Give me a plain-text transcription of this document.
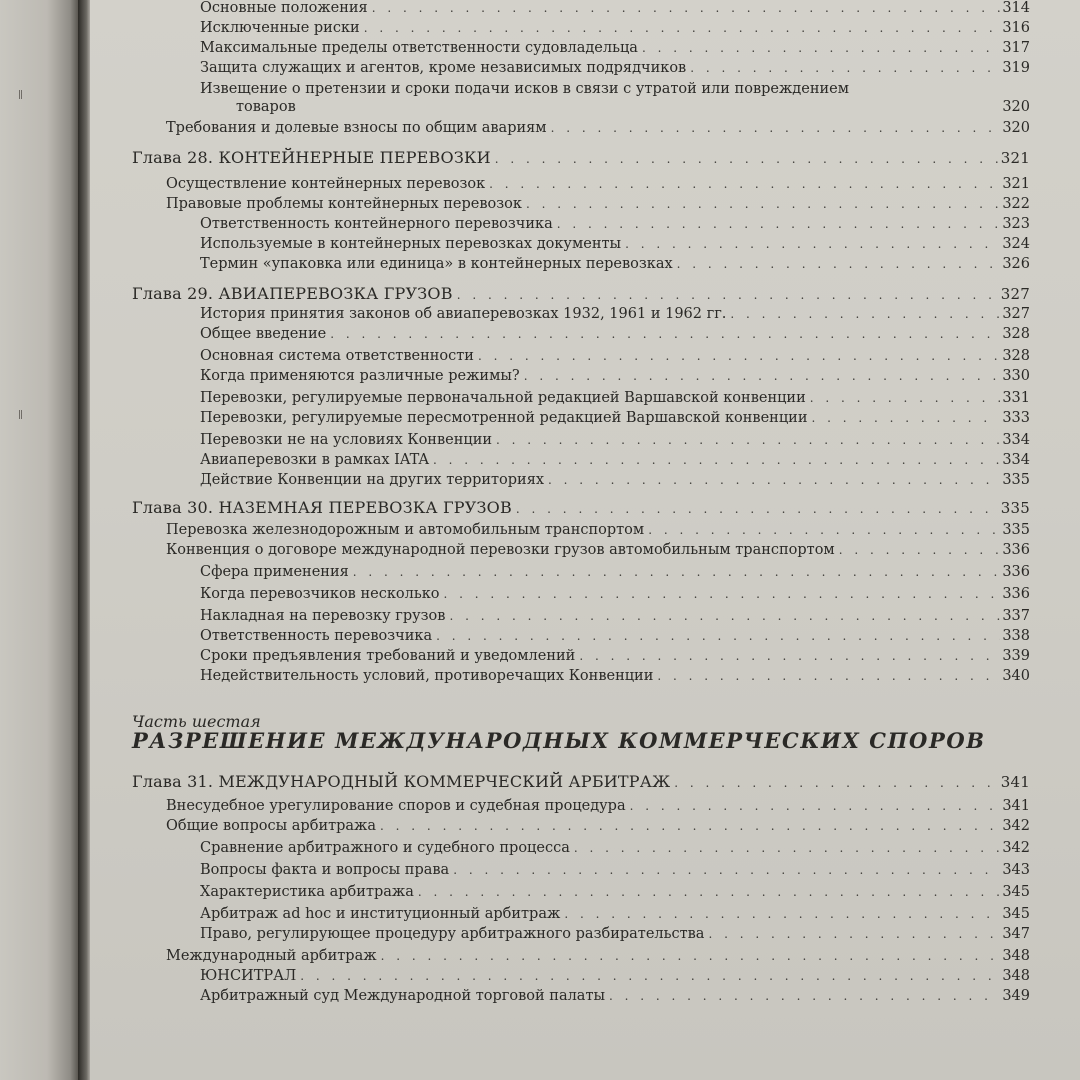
||
||
Основные положения . . .	314
Исключенные риски . . .	316
Максимальные пределы ответственности судовладельца . . .	317
Защита служащих и агентов, кроме независимых подрядчиков . . .	319
Извещение о претензии и сроки подачи исков в связи с утратой или повреждением
товаров	320
Требования и долевые взносы по общим авариям . . .	320
Глава 28. КОНТЕЙНЕРНЫЕ ПЕРЕВОЗКИ . . .	321
Осуществление контейнерных перевозок . . .	321
Правовые проблемы контейнерных перевозок . . .	322
Ответственность контейнерного перевозчика . . .	323
Используемые в контейнерных перевозках документы . . .	324
Термин «упаковка или единица» в контейнерных перевозках . . .	326
Глава 29. АВИАПЕРЕВОЗКА ГРУЗОВ . . .	327
История принятия законов об авиаперевозках 1932, 1961 и 1962 гг. . . .	327
Общее введение . . .	328
Основная система ответственности . . .	328
Когда применяются различные режимы? . . .	330
Перевозки, регулируемые первоначальной редакцией Варшавской конвенции . . .	331
Перевозки, регулируемые пересмотренной редакцией Варшавской конвенции . . .	333
Перевозки не на условиях Конвенции . . .	334
Авиаперевозки в рамках IATA . . .	334
Действие Конвенции на других территориях . . .	335
Глава 30. НАЗЕМНАЯ ПЕРЕВОЗКА ГРУЗОВ . . .	335
Перевозка железнодорожным и автомобильным транспортом . . .	335
Конвенция о договоре международной перевозки грузов автомобильным транспортом . . .	336
Сфера применения . . .	336
Когда перевозчиков несколько . . .	336
Накладная на перевозку грузов . . .	337
Ответственность перевозчика . . .	338
Сроки предъявления требований и уведомлений . . .	339
Недействительность условий, противоречащих Конвенции . . .	340
Часть шестая
РАЗРЕШЕНИЕ МЕЖДУНАРОДНЫХ КОММЕРЧЕСКИХ СПОРОВ
Глава 31. МЕЖДУНАРОДНЫЙ КОММЕРЧЕСКИЙ АРБИТРАЖ . . .	341
Внесудебное урегулирование споров и судебная процедура . . .	341
Общие вопросы арбитража . . .	342
Сравнение арбитражного и судебного процесса . . .	342
Вопросы факта и вопросы права . . .	343
Характеристика арбитража . . .	345
Арбитраж ad hoc и институционный арбитраж . . .	345
Право, регулирующее процедуру арбитражного разбирательства . . .	347
Международный арбитраж . . .	348
ЮНСИТРАЛ . . .	348
Арбитражный суд Международной торговой палаты . . .	349
